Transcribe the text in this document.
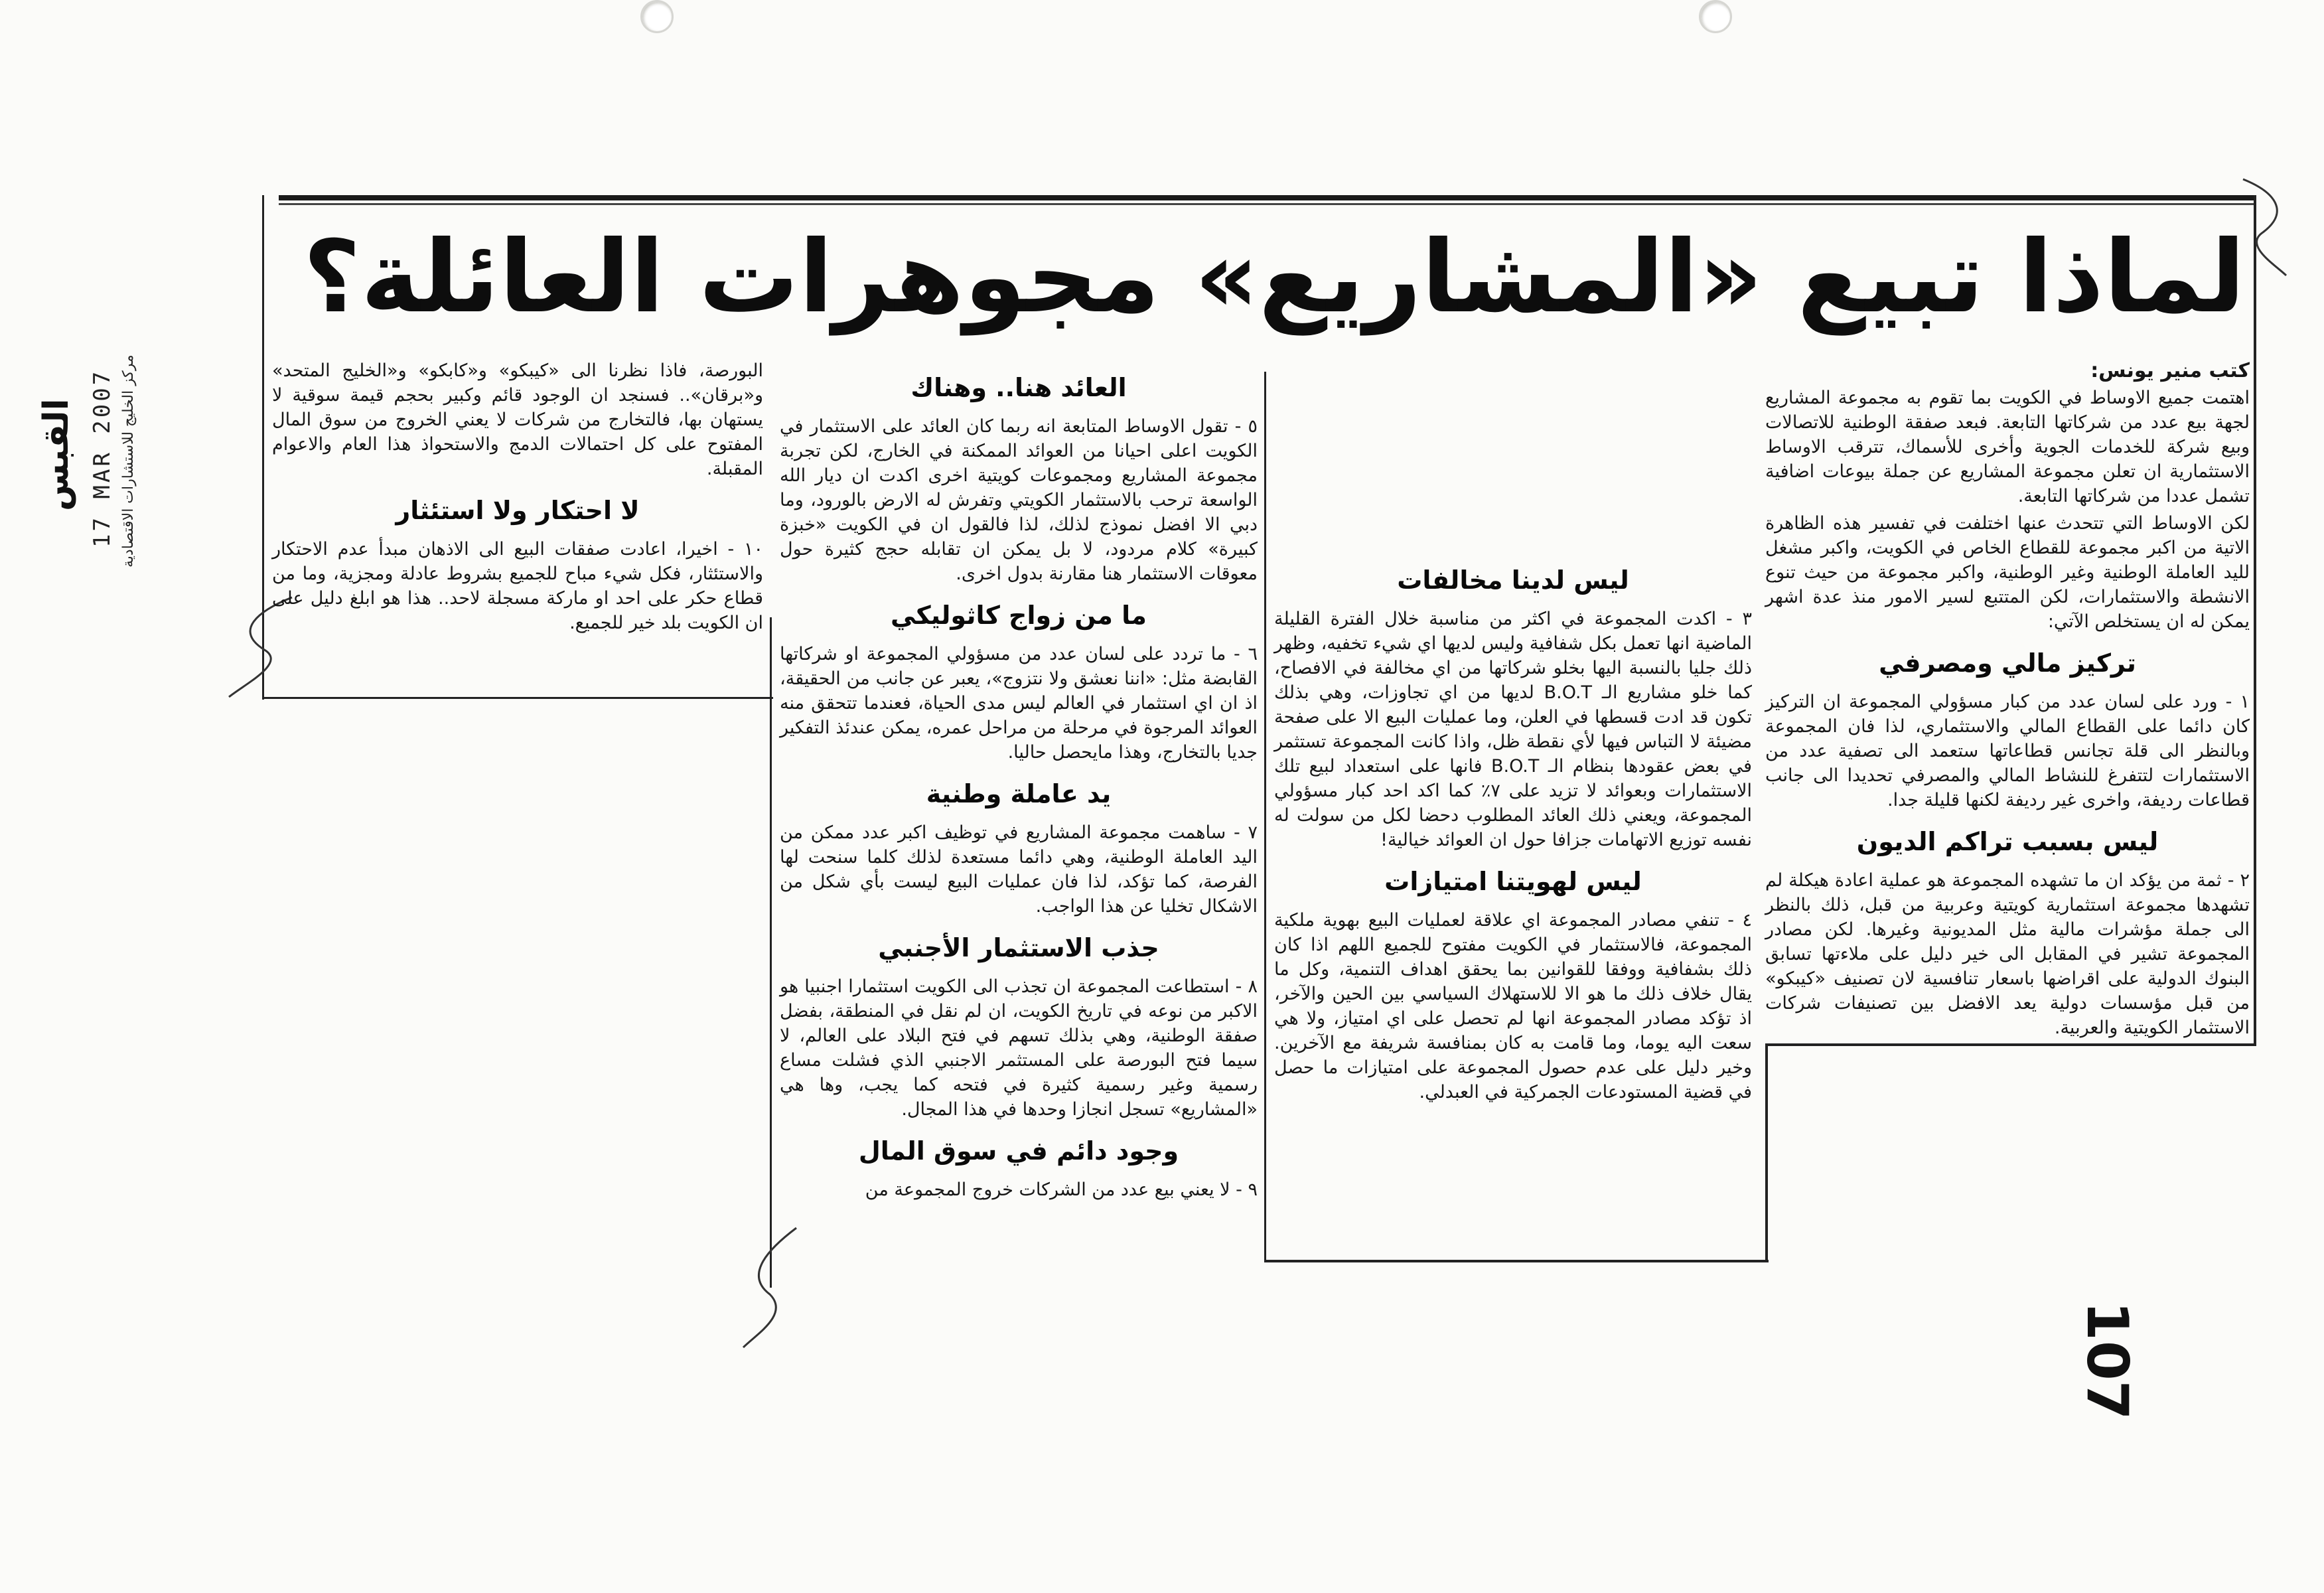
القبس 17 MAR 2007 مركز الخليج للاستشارات الاقتصادية
لماذا تبيع «المشاريع» مجوهرات العائلة؟
107

كتب منير يونس:

اهتمت جميع الاوساط في الكويت بما تقوم به مجموعة المشاريع لجهة بيع عدد من شركاتها التابعة. فبعد صفقة الوطنية للاتصالات وبيع شركة للخدمات الجوية وأخرى للأسماك، تترقب الاوساط الاستثمارية ان تعلن مجموعة المشاريع عن جملة بيوعات اضافية تشمل عددا من شركاتها التابعة.

لكن الاوساط التي تتحدث عنها اختلفت في تفسير هذه الظاهرة الاتية من اكبر مجموعة للقطاع الخاص في الكويت، واكبر مشغل لليد العاملة الوطنية وغير الوطنية، واكبر مجموعة من حيث تنوع الانشطة والاستثمارات، لكن المتتبع لسير الامور منذ عدة اشهر يمكن له ان يستخلص الآتي:

تركيز مالي ومصرفي

١ - ورد على لسان عدد من كبار مسؤولي المجموعة ان التركيز كان دائما على القطاع المالي والاستثماري، لذا فان المجموعة وبالنظر الى قلة تجانس قطاعاتها ستعمد الى تصفية عدد من الاستثمارات لتتفرغ للنشاط المالي والمصرفي تحديدا الى جانب قطاعات رديفة، واخرى غير رديفة لكنها قليلة جدا.

ليس بسبب تراكم الديون

٢ - ثمة من يؤكد ان ما تشهده المجموعة هو عملية اعادة هيكلة لم تشهدها مجموعة استثمارية كويتية وعربية من قبل، ذلك بالنظر الى جملة مؤشرات مالية مثل المديونية وغيرها. لكن مصادر المجموعة تشير في المقابل الى خير دليل على ملاءتها تسابق البنوك الدولية على اقراضها باسعار تنافسية لان تصنيف «كيبكو» من قبل مؤسسات دولية يعد الافضل بين تصنيفات شركات الاستثمار الكويتية والعربية.

ليس لدينا مخالفات

٣ - اكدت المجموعة في اكثر من مناسبة خلال الفترة القليلة الماضية انها تعمل بكل شفافية وليس لديها اي شيء تخفيه، وظهر ذلك جليا بالنسبة اليها بخلو شركاتها من اي مخالفة في الافصاح، كما خلو مشاريع الـ B.O.T لديها من اي تجاوزات، وهي بذلك تكون قد ادت قسطها في العلن، وما عمليات البيع الا على صفحة مضيئة لا التباس فيها لأي نقطة ظل، واذا كانت المجموعة تستثمر في بعض عقودها بنظام الـ B.O.T فانها على استعداد لبيع تلك الاستثمارات وبعوائد لا تزيد على ٧٪ كما اكد احد كبار مسؤولي المجموعة، ويعني ذلك العائد المطلوب دحضا لكل من سولت له نفسه توزيع الاتهامات جزافا حول ان العوائد خيالية!

ليس لهويتنا امتيازات

٤ - تنفي مصادر المجموعة اي علاقة لعمليات البيع بهوية ملكية المجموعة، فالاستثمار في الكويت مفتوح للجميع اللهم اذا كان ذلك بشفافية ووفقا للقوانين بما يحقق اهداف التنمية، وكل ما يقال خلاف ذلك ما هو الا للاستهلاك السياسي بين الحين والآخر، اذ تؤكد مصادر المجموعة انها لم تحصل على اي امتياز، ولا هي سعت اليه يوما، وما قامت به كان بمنافسة شريفة مع الآخرين. وخير دليل على عدم حصول المجموعة على امتيازات ما حصل في قضية المستودعات الجمركية في العبدلي.

العائد هنا.. وهناك

٥ - تقول الاوساط المتابعة انه ربما كان العائد على الاستثمار في الكويت اعلى احيانا من العوائد الممكنة في الخارج، لكن تجربة مجموعة المشاريع ومجموعات كويتية اخرى اكدت ان ديار الله الواسعة ترحب بالاستثمار الكويتي وتفرش له الارض بالورود، وما دبي الا افضل نموذج لذلك، لذا فالقول ان في الكويت «خبزة كبيرة» كلام مردود، لا بل يمكن ان تقابله حجج كثيرة حول معوقات الاستثمار هنا مقارنة بدول اخرى.

ما من زواج كاثوليكي

٦ - ما تردد على لسان عدد من مسؤولي المجموعة او شركاتها القابضة مثل: «اننا نعشق ولا نتزوج»، يعبر عن جانب من الحقيقة، اذ ان اي استثمار في العالم ليس مدى الحياة، فعندما تتحقق منه العوائد المرجوة في مرحلة من مراحل عمره، يمكن عندئذ التفكير جديا بالتخارج، وهذا مايحصل حاليا.

يد عاملة وطنية

٧ - ساهمت مجموعة المشاريع في توظيف اكبر عدد ممكن من اليد العاملة الوطنية، وهي دائما مستعدة لذلك كلما سنحت لها الفرصة، كما تؤكد، لذا فان عمليات البيع ليست بأي شكل من الاشكال تخليا عن هذا الواجب.

جذب الاستثمار الأجنبي

٨ - استطاعت المجموعة ان تجذب الى الكويت استثمارا اجنبيا هو الاكبر من نوعه في تاريخ الكويت، ان لم نقل في المنطقة، بفضل صفقة الوطنية، وهي بذلك تسهم في فتح البلاد على العالم، لا سيما فتح البورصة على المستثمر الاجنبي الذي فشلت مساع رسمية وغير رسمية كثيرة في فتحه كما يجب، وها هي «المشاريع» تسجل انجازا وحدها في هذا المجال.

وجود دائم في سوق المال

٩ - لا يعني بيع عدد من الشركات خروج المجموعة من

البورصة، فاذا نظرنا الى «كيبكو» و«كابكو» و«الخليج المتحد» و«برقان».. فسنجد ان الوجود قائم وكبير بحجم قيمة سوقية لا يستهان بها، فالتخارج من شركات لا يعني الخروج من سوق المال المفتوح على كل احتمالات الدمج والاستحواذ هذا العام والاعوام المقبلة.

لا احتكار ولا استئثار

١٠ - اخيرا، اعادت صفقات البيع الى الاذهان مبدأ عدم الاحتكار والاستئثار، فكل شيء مباح للجميع بشروط عادلة ومجزية، وما من قطاع حكر على احد او ماركة مسجلة لاحد.. هذا هو ابلغ دليل على ان الكويت بلد خير للجميع.
